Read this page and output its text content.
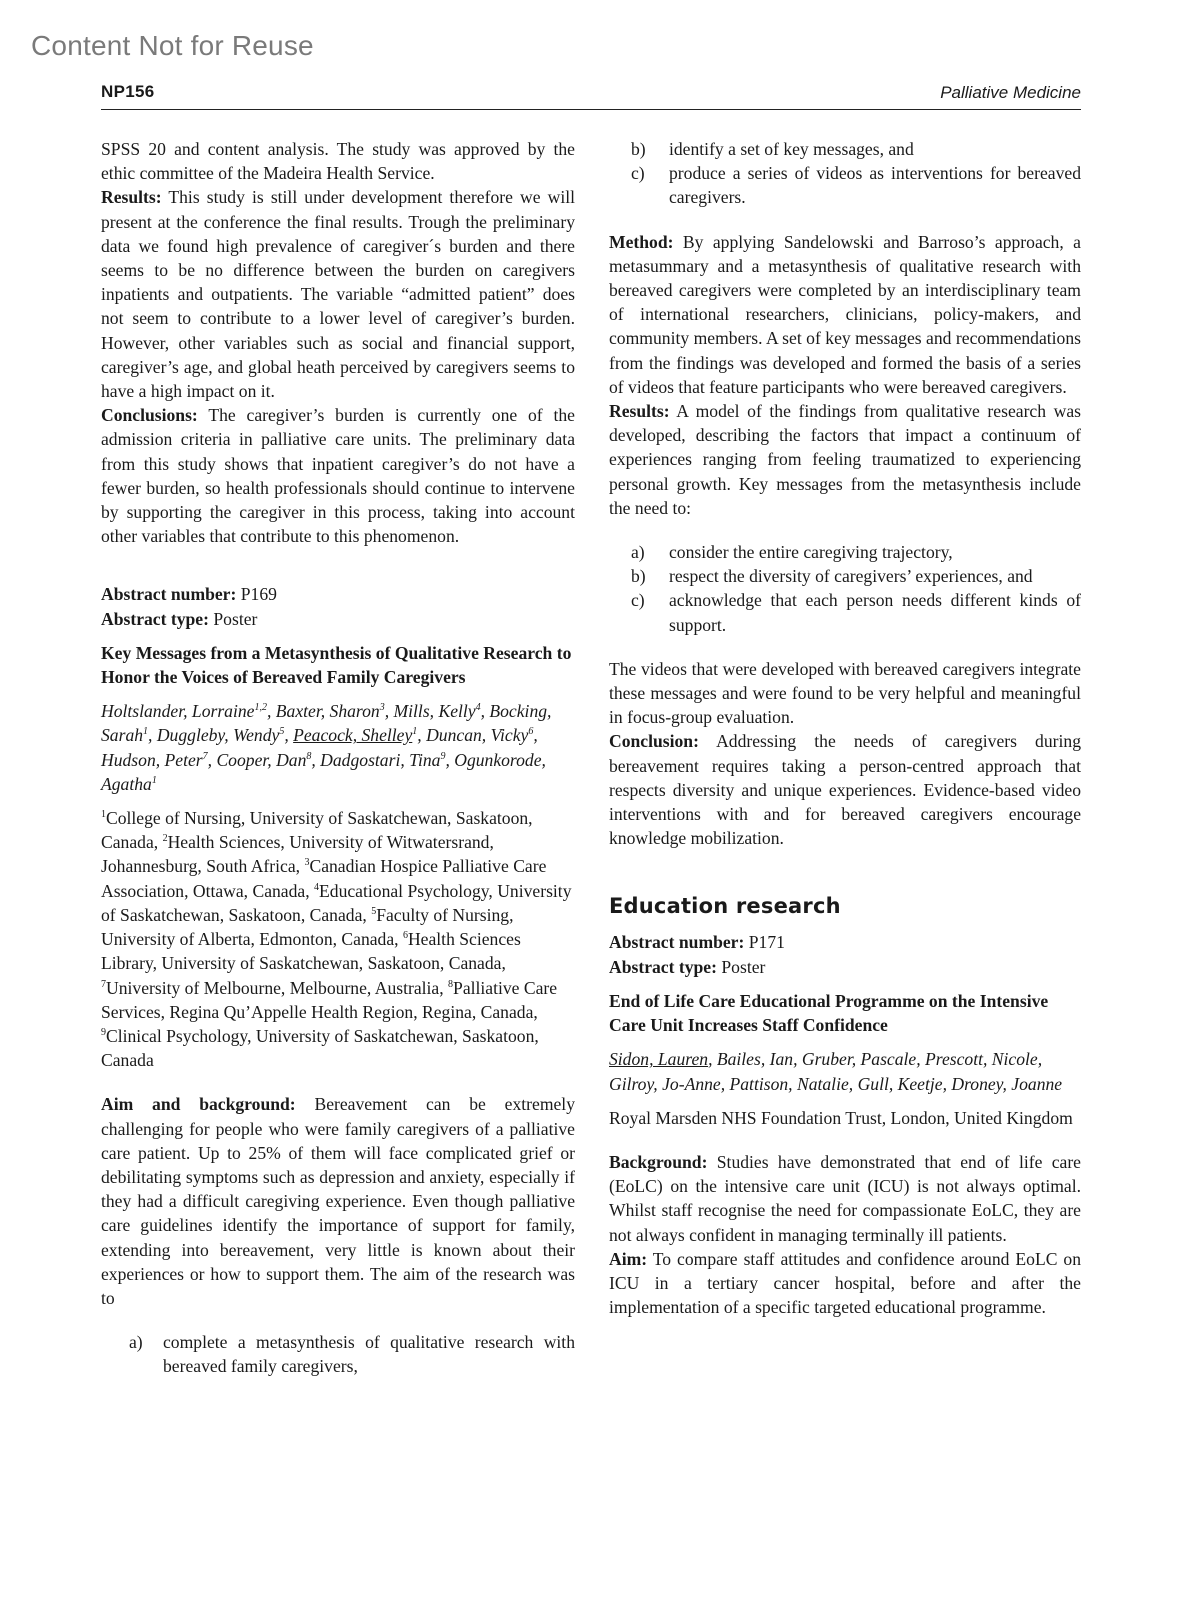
Content Not for Reuse
NP156	Palliative Medicine

SPSS 20 and content analysis. The study was approved by the ethic committee of the Madeira Health Service.

Results: This study is still under development therefore we will present at the conference the final results. Trough the preliminary data we found high prevalence of caregiver´s burden and there seems to be no difference between the burden on caregivers inpatients and outpatients. The variable “admitted patient” does not seem to contribute to a lower level of caregiver’s burden. However, other variables such as social and financial support, caregiver’s age, and global heath perceived by caregivers seems to have a high impact on it.

Conclusions: The caregiver’s burden is currently one of the admission criteria in palliative care units. The preliminary data from this study shows that inpatient caregiver’s do not have a fewer burden, so health professionals should continue to intervene by supporting the caregiver in this process, taking into account other variables that contribute to this phenomenon.

Abstract number: P169

Abstract type: Poster

Key Messages from a Metasynthesis of Qualitative Research to Honor the Voices of Bereaved Family Caregivers

Holtslander, Lorraine$^{1,2}$, Baxter, Sharon$^3$, Mills, Kelly$^4$, Bocking, Sarah$^1$, Duggleby, Wendy$^5$, Peacock, Shelley$^1$, Duncan, Vicky$^6$, Hudson, Peter$^7$, Cooper, Dan$^8$, Dadgostari, Tina$^9$, Ogunkorode, Agatha$^1$

$^1$College of Nursing, University of Saskatchewan, Saskatoon, Canada, $^2$Health Sciences, University of Witwatersrand, Johannesburg, South Africa, $^3$Canadian Hospice Palliative Care Association, Ottawa, Canada, $^4$Educational Psychology, University of Saskatchewan, Saskatoon, Canada, $^5$Faculty of Nursing, University of Alberta, Edmonton, Canada, $^6$Health Sciences Library, University of Saskatchewan, Saskatoon, Canada, $^7$University of Melbourne, Melbourne, Australia, $^8$Palliative Care Services, Regina Qu’Appelle Health Region, Regina, Canada, $^9$Clinical Psychology, University of Saskatchewan, Saskatoon, Canada

Aim and background: Bereavement can be extremely challenging for people who were family caregivers of a palliative care patient. Up to 25% of them will face complicated grief or debilitating symptoms such as depression and anxiety, especially if they had a difficult caregiving experience. Even though palliative care guidelines identify the importance of support for family, extending into bereavement, very little is known about their experiences or how to support them. The aim of the research was to

a) complete a metasynthesis of qualitative research with bereaved family caregivers,
b) identify a set of key messages, and
c) produce a series of videos as interventions for bereaved caregivers.

Method: By applying Sandelowski and Barroso’s approach, a metasummary and a metasynthesis of qualitative research with bereaved caregivers were completed by an interdisciplinary team of international researchers, clinicians, policy-makers, and community members. A set of key messages and recommendations from the findings was developed and formed the basis of a series of videos that feature participants who were bereaved caregivers.

Results: A model of the findings from qualitative research was developed, describing the factors that impact a continuum of experiences ranging from feeling traumatized to experiencing personal growth. Key messages from the metasynthesis include the need to:

a) consider the entire caregiving trajectory,
b) respect the diversity of caregivers’ experiences, and
c) acknowledge that each person needs different kinds of support.

The videos that were developed with bereaved caregivers integrate these messages and were found to be very helpful and meaningful in focus-group evaluation.

Conclusion: Addressing the needs of caregivers during bereavement requires taking a person-centred approach that respects diversity and unique experiences. Evidence-based video interventions with and for bereaved caregivers encourage knowledge mobilization.

Education research

Abstract number: P171

Abstract type: Poster

End of Life Care Educational Programme on the Intensive Care Unit Increases Staff Confidence

Sidon, Lauren, Bailes, Ian, Gruber, Pascale, Prescott, Nicole, Gilroy, Jo-Anne, Pattison, Natalie, Gull, Keetje, Droney, Joanne

Royal Marsden NHS Foundation Trust, London, United Kingdom

Background: Studies have demonstrated that end of life care (EoLC) on the intensive care unit (ICU) is not always optimal. Whilst staff recognise the need for compassionate EoLC, they are not always confident in managing terminally ill patients.

Aim: To compare staff attitudes and confidence around EoLC on ICU in a tertiary cancer hospital, before and after the implementation of a specific targeted educational programme.
